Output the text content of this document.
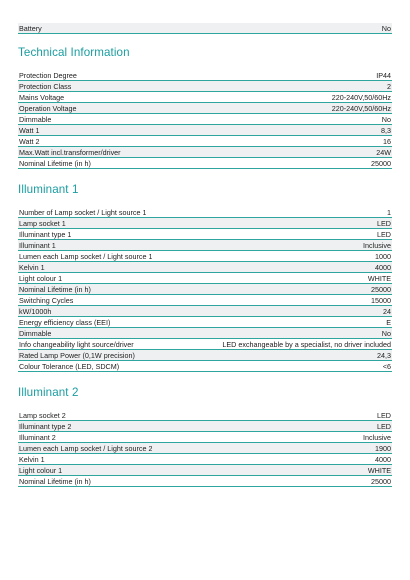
Battery	No
Technical Information
Protection Degree	IP44
Protection Class	2
Mains Voltage	220-240V,50/60Hz
Operation Voltage	220-240V,50/60Hz
Dimmable	No
Watt 1	8,3
Watt 2	16
Max.Watt incl.transformer/driver	24W
Nominal Lifetime (in h)	25000
Illuminant 1
Number of Lamp socket / Light source 1	1
Lamp socket 1	LED
Illuminant type 1	LED
Illuminant 1	Inclusive
Lumen each Lamp socket / Light source 1	1000
Kelvin 1	4000
Light colour 1	WHITE
Nominal Lifetime (in h)	25000
Switching Cycles	15000
kW/1000h	24
Energy efficiency class (EEI)	E
Dimmable	No
Info changeability light source/driver	LED exchangeable by a specialist, no driver included
Rated Lamp Power (0,1W precision)	24,3
Colour Tolerance (LED, SDCM)	<6
Illuminant 2
Lamp socket 2	LED
Illuminant type 2	LED
Illuminant 2	Inclusive
Lumen each Lamp socket / Light source 2	1900
Kelvin 1	4000
Light colour 1	WHITE
Nominal Lifetime (in h)	25000
